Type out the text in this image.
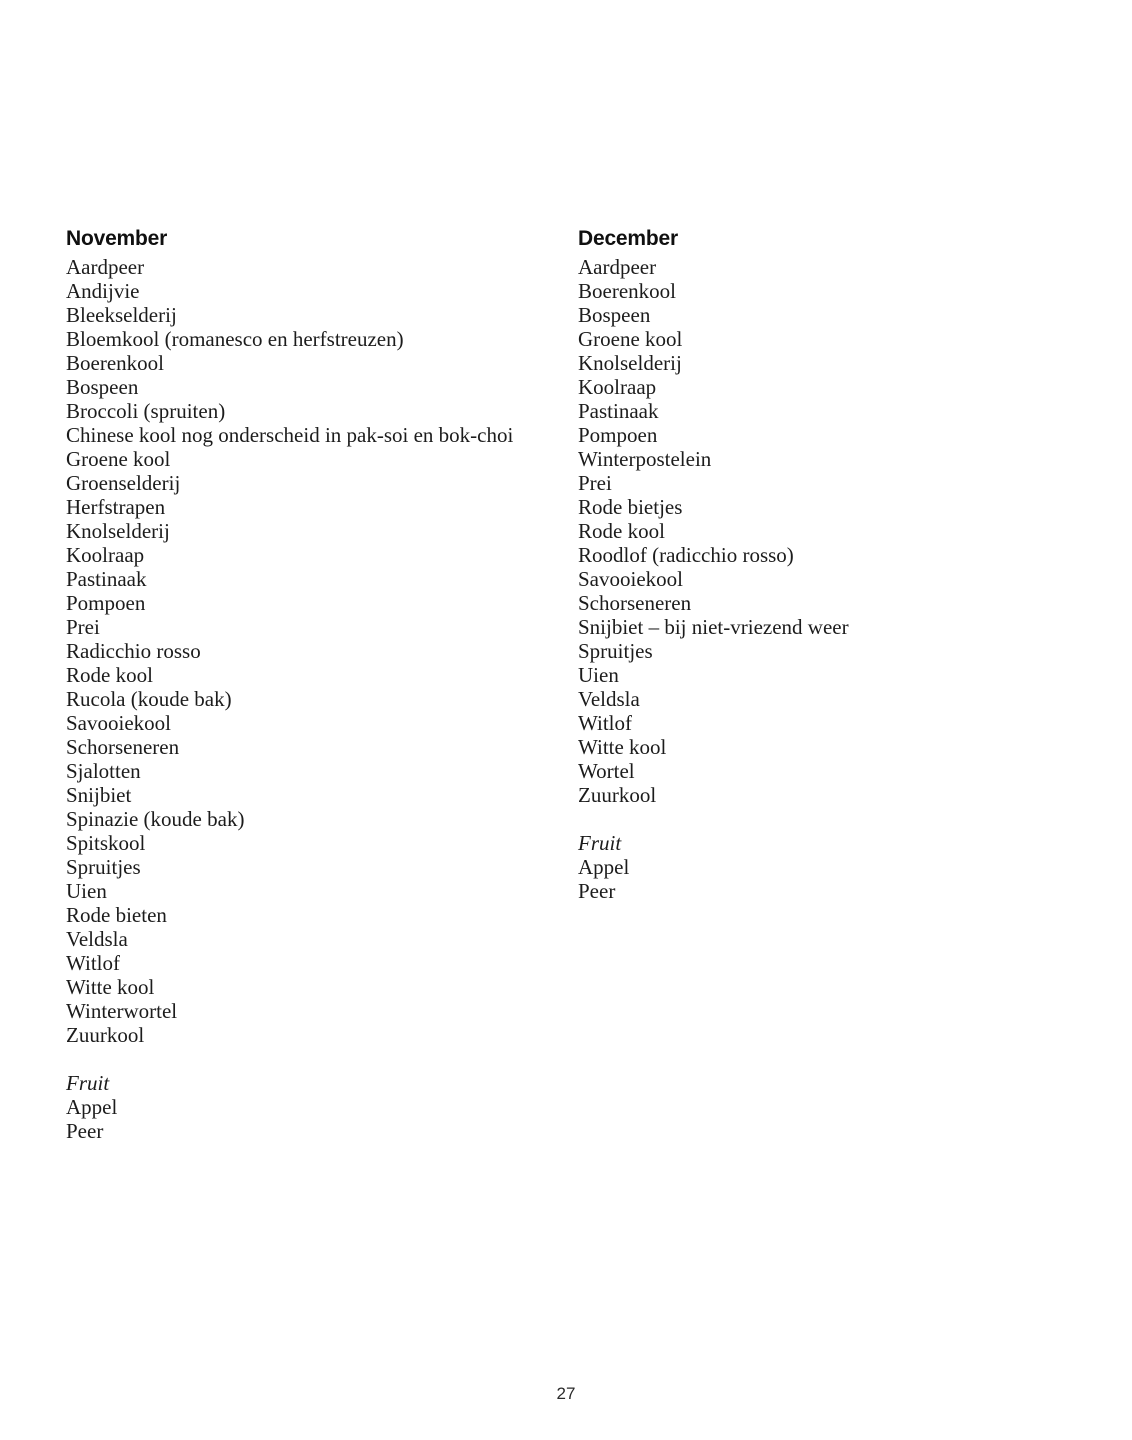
November
Aardpeer
Andijvie
Bleekselderij
Bloemkool (romanesco en herfstreuzen)
Boerenkool
Bospeen
Broccoli (spruiten)
Chinese kool nog onderscheid in pak-soi en bok-choi
Groene kool
Groenselderij
Herfstrapen
Knolselderij
Koolraap
Pastinaak
Pompoen
Prei
Radicchio rosso
Rode kool
Rucola (koude bak)
Savooiekool
Schorseneren
Sjalotten
Snijbiet
Spinazie (koude bak)
Spitskool
Spruitjes
Uien
Rode bieten
Veldsla
Witlof
Witte kool
Winterwortel
Zuurkool
Fruit
Appel
Peer
December
Aardpeer
Boerenkool
Bospeen
Groene kool
Knolselderij
Koolraap
Pastinaak
Pompoen
Winterpostelein
Prei
Rode bietjes
Rode kool
Roodlof (radicchio rosso)
Savooiekool
Schorseneren
Snijbiet – bij niet-vriezend weer
Spruitjes
Uien
Veldsla
Witlof
Witte kool
Wortel
Zuurkool
Fruit
Appel
Peer
27
